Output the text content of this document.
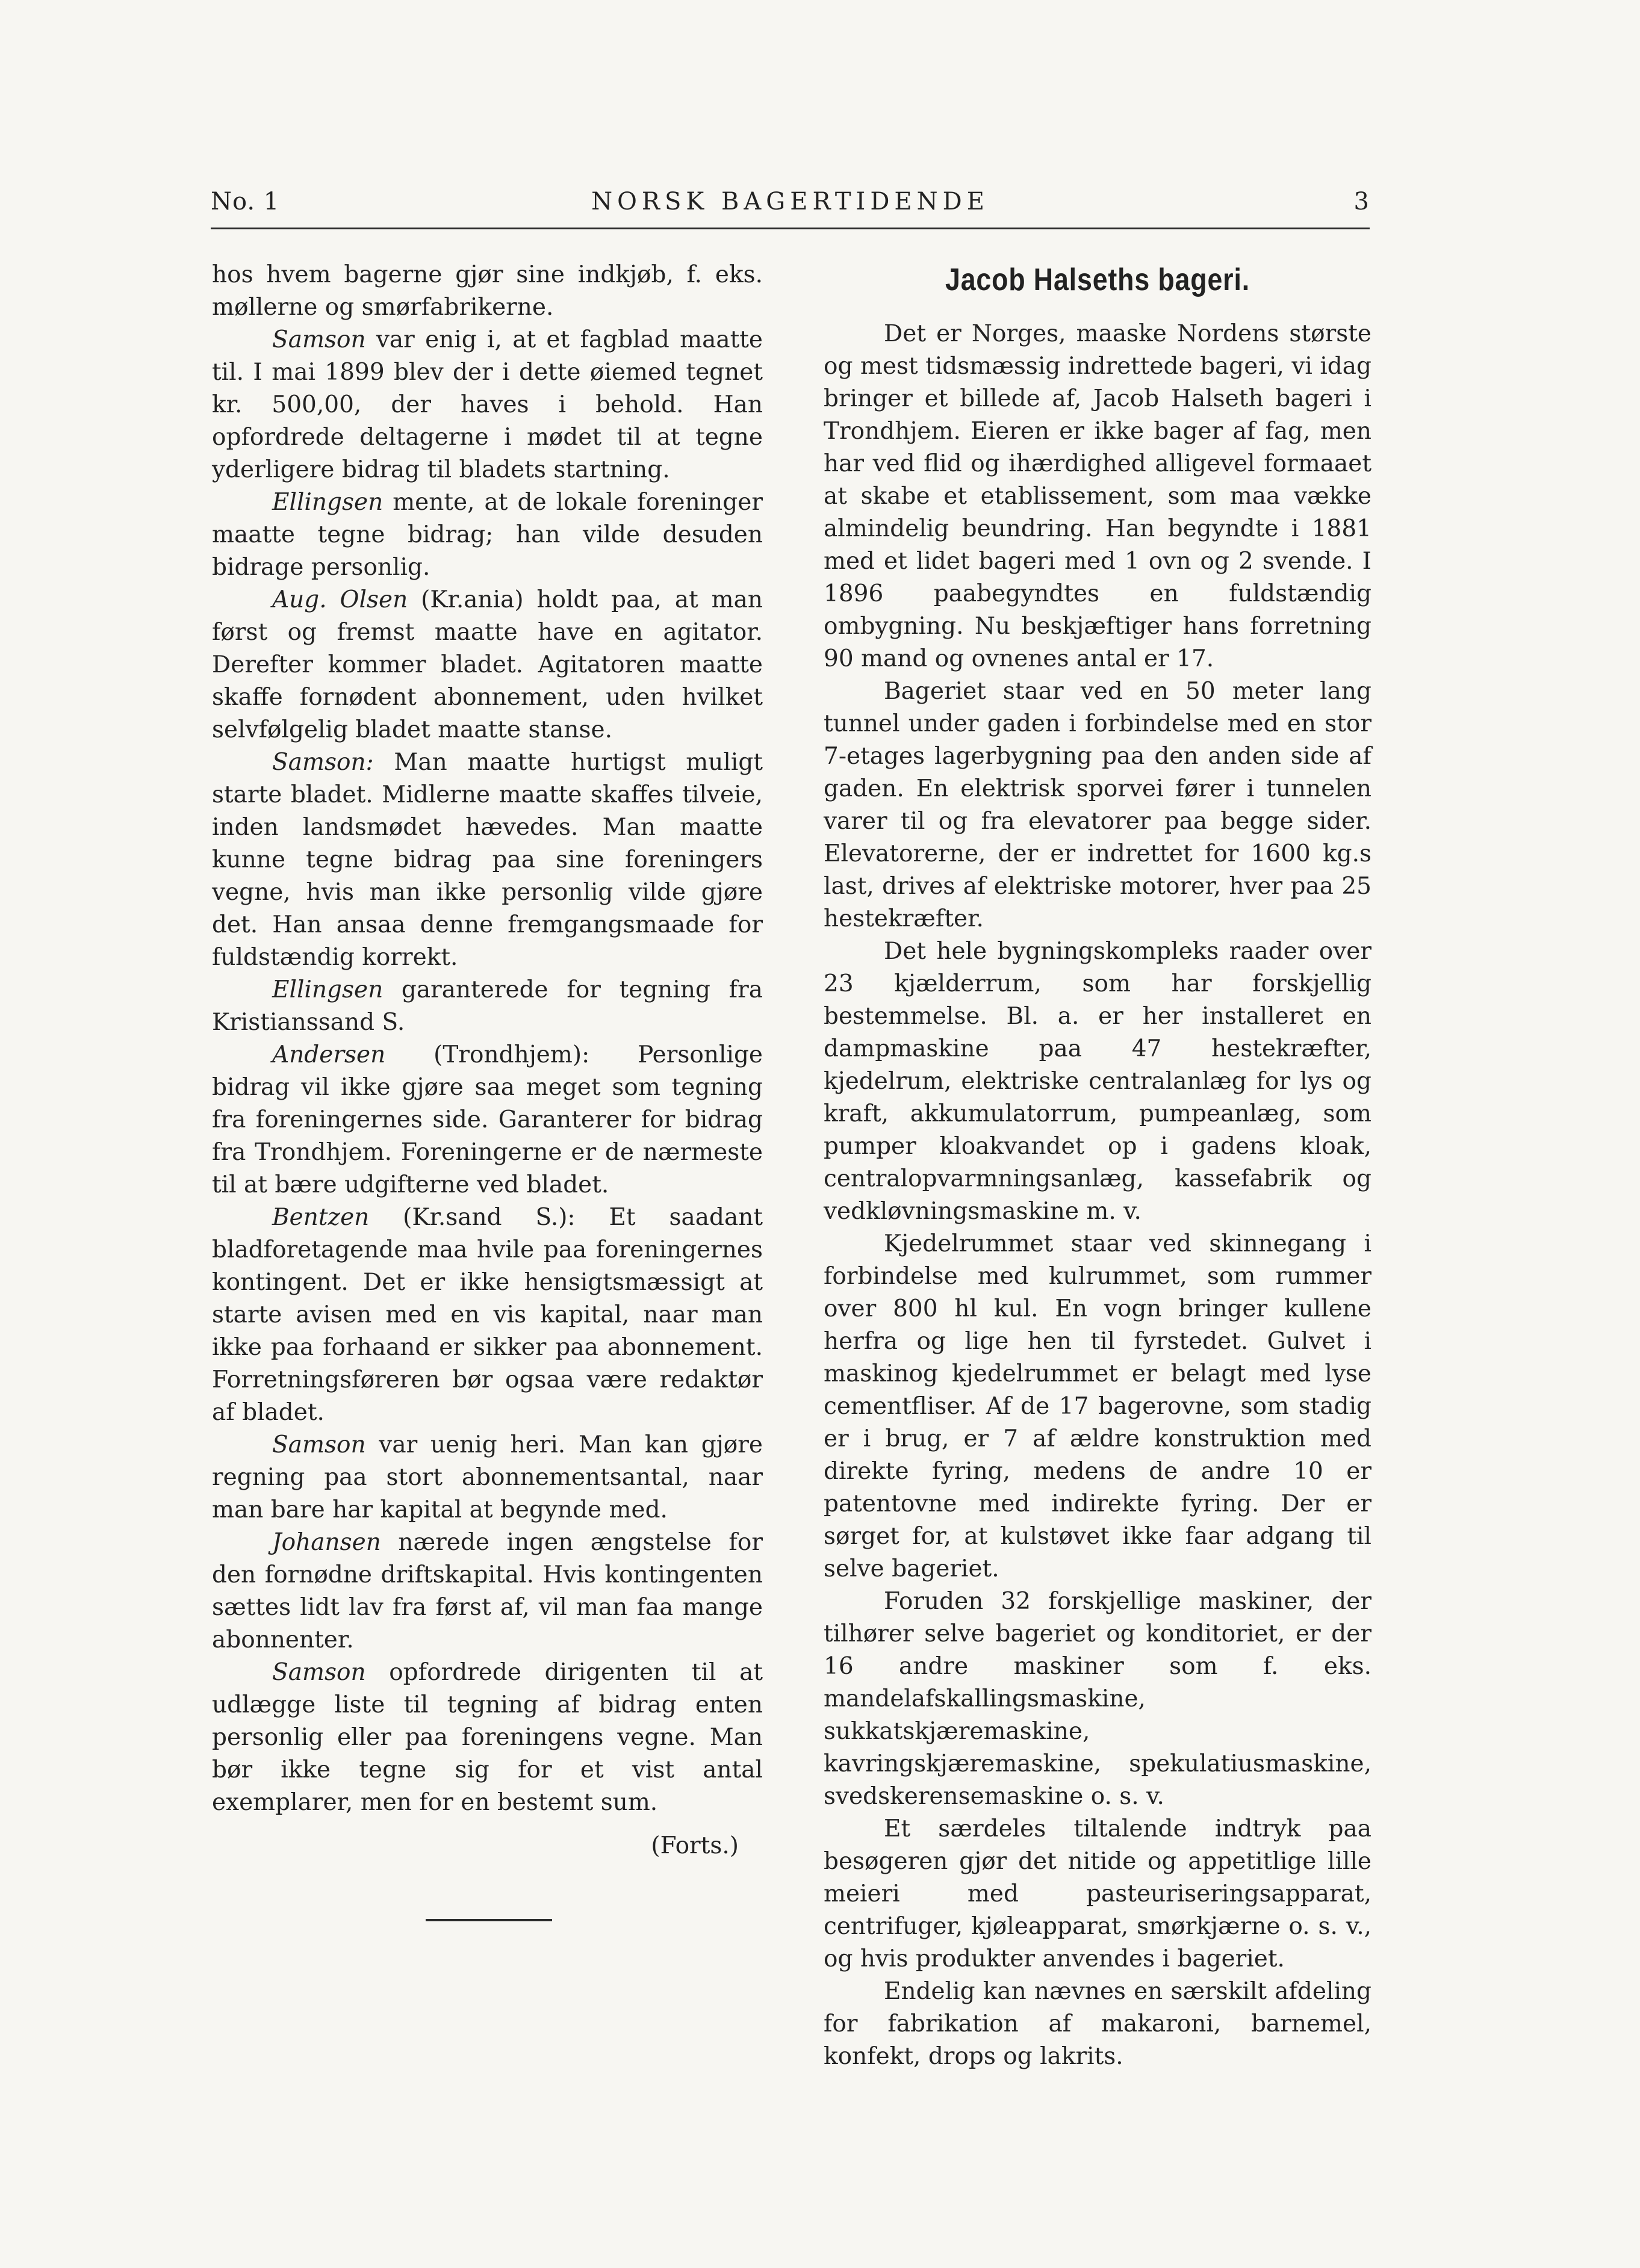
No. 1	NORSK BAGERTIDENDE	3

hos hvem bagerne gjør sine indkjøb, f. eks. møllerne og smørfabrikerne.

Samson var enig i, at et fagblad maatte til. I mai 1899 blev der i dette øiemed tegnet kr. 500,00, der haves i behold. Han opfordrede deltagerne i mødet til at tegne yderligere bidrag til bladets startning.

Ellingsen mente, at de lokale foreninger maatte tegne bidrag; han vilde desuden bidrage personlig.

Aug. Olsen (Kr.ania) holdt paa, at man først og fremst maatte have en agitator. Derefter kommer bladet. Agitatoren maatte skaffe fornødent abonnement, uden hvilket selvfølgelig bladet maatte stanse.

Samson: Man maatte hurtigst muligt starte bladet. Midlerne maatte skaffes tilveie, inden landsmødet hævedes. Man maatte kunne tegne bidrag paa sine foreningers vegne, hvis man ikke personlig vilde gjøre det. Han ansaa denne fremgangsmaade for fuldstændig korrekt.

Ellingsen garanterede for tegning fra Kristianssand S.

Andersen (Trondhjem): Personlige bidrag vil ikke gjøre saa meget som tegning fra foreningernes side. Garanterer for bidrag fra Trondhjem. Foreningerne er de nærmeste til at bære udgifterne ved bladet.

Bentzen (Kr.sand S.): Et saadant bladforetagende maa hvile paa foreningernes kontingent. Det er ikke hensigtsmæssigt at starte avisen med en vis kapital, naar man ikke paa forhaand er sikker paa abonnement. Forretningsføreren bør ogsaa være redaktør af bladet.

Samson var uenig heri. Man kan gjøre regning paa stort abonnementsantal, naar man bare har kapital at begynde med.

Johansen nærede ingen ængstelse for den fornødne driftskapital. Hvis kontingenten sættes lidt lav fra først af, vil man faa mange abonnenter.

Samson opfordrede dirigenten til at udlægge liste til tegning af bidrag enten personlig eller paa foreningens vegne. Man bør ikke tegne sig for et vist antal exemplarer, men for en bestemt sum.

(Forts.)

Jacob Halseths bageri.

Det er Norges, maaske Nordens største og mest tidsmæssig indrettede bageri, vi idag bringer et billede af, Jacob Halseth bageri i Trondhjem. Eieren er ikke bager af fag, men har ved flid og ihærdighed alligevel formaaet at skabe et etablissement, som maa vække almindelig beundring. Han begyndte i 1881 med et lidet bageri med 1 ovn og 2 svende. I 1896 paabegyndtes en fuldstændig ombygning. Nu beskjæftiger hans forretning 90 mand og ovnenes antal er 17.

Bageriet staar ved en 50 meter lang tunnel under gaden i forbindelse med en stor 7-etages lagerbygning paa den anden side af gaden. En elektrisk sporvei fører i tunnelen varer til og fra elevatorer paa begge sider. Elevatorerne, der er indrettet for 1600 kg.s last, drives af elektriske motorer, hver paa 25 hestekræfter.

Det hele bygningskompleks raader over 23 kjælderrum, som har forskjellig bestemmelse. Bl. a. er her installeret en dampmaskine paa 47 hestekræfter, kjedelrum, elektriske centralanlæg for lys og kraft, akkumulatorrum, pumpeanlæg, som pumper kloakvandet op i gadens kloak, centralopvarmningsanlæg, kassefabrik og vedkløvningsmaskine m. v.

Kjedelrummet staar ved skinnegang i forbindelse med kulrummet, som rummer over 800 hl kul. En vogn bringer kullene herfra og lige hen til fyrstedet. Gulvet i maskinog kjedelrummet er belagt med lyse cementfliser. Af de 17 bagerovne, som stadig er i brug, er 7 af ældre konstruktion med direkte fyring, medens de andre 10 er patentovne med indirekte fyring. Der er sørget for, at kulstøvet ikke faar adgang til selve bageriet.

Foruden 32 forskjellige maskiner, der tilhører selve bageriet og konditoriet, er der 16 andre maskiner som f. eks. mandelafskallingsmaskine, sukkatskjæremaskine, kavringskjæremaskine, spekulatiusmaskine, svedskerensemaskine o. s. v.

Et særdeles tiltalende indtryk paa besøgeren gjør det nitide og appetitlige lille meieri med pasteuriseringsapparat, centrifuger, kjøleapparat, smørkjærne o. s. v., og hvis produkter anvendes i bageriet.

Endelig kan nævnes en særskilt afdeling for fabrikation af makaroni, barnemel, konfekt, drops og lakrits.
